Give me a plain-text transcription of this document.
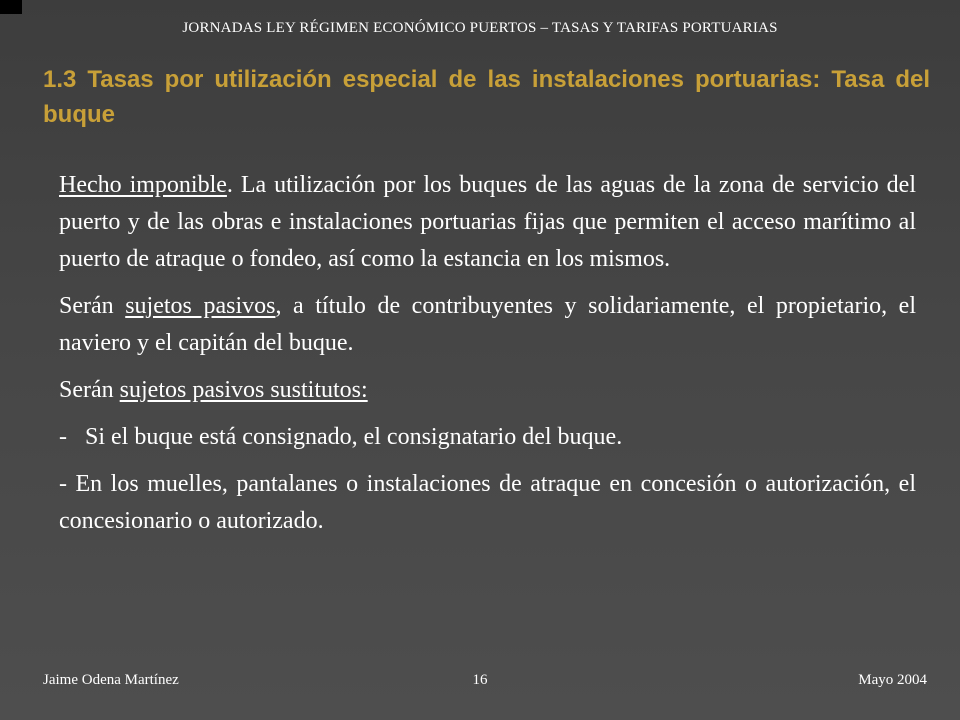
JORNADAS LEY RÉGIMEN ECONÓMICO PUERTOS – TASAS Y TARIFAS PORTUARIAS
1.3 Tasas por utilización especial de las instalaciones portuarias: Tasa del buque

Hecho imponible. La utilización por los buques de las aguas de la zona de servicio del puerto y de las obras e instalaciones portuarias fijas que permiten el acceso marítimo al puerto de atraque o fondeo, así como la estancia en los mismos.

Serán sujetos pasivos, a título de contribuyentes y solidariamente, el propietario, el naviero y el capitán del buque.

Serán sujetos pasivos sustitutos:

-   Si el buque está consignado, el consignatario del buque.

- En los muelles, pantalanes o instalaciones de atraque en concesión o autorización, el concesionario o autorizado.

Jaime Odena Martínez	16	Mayo 2004
